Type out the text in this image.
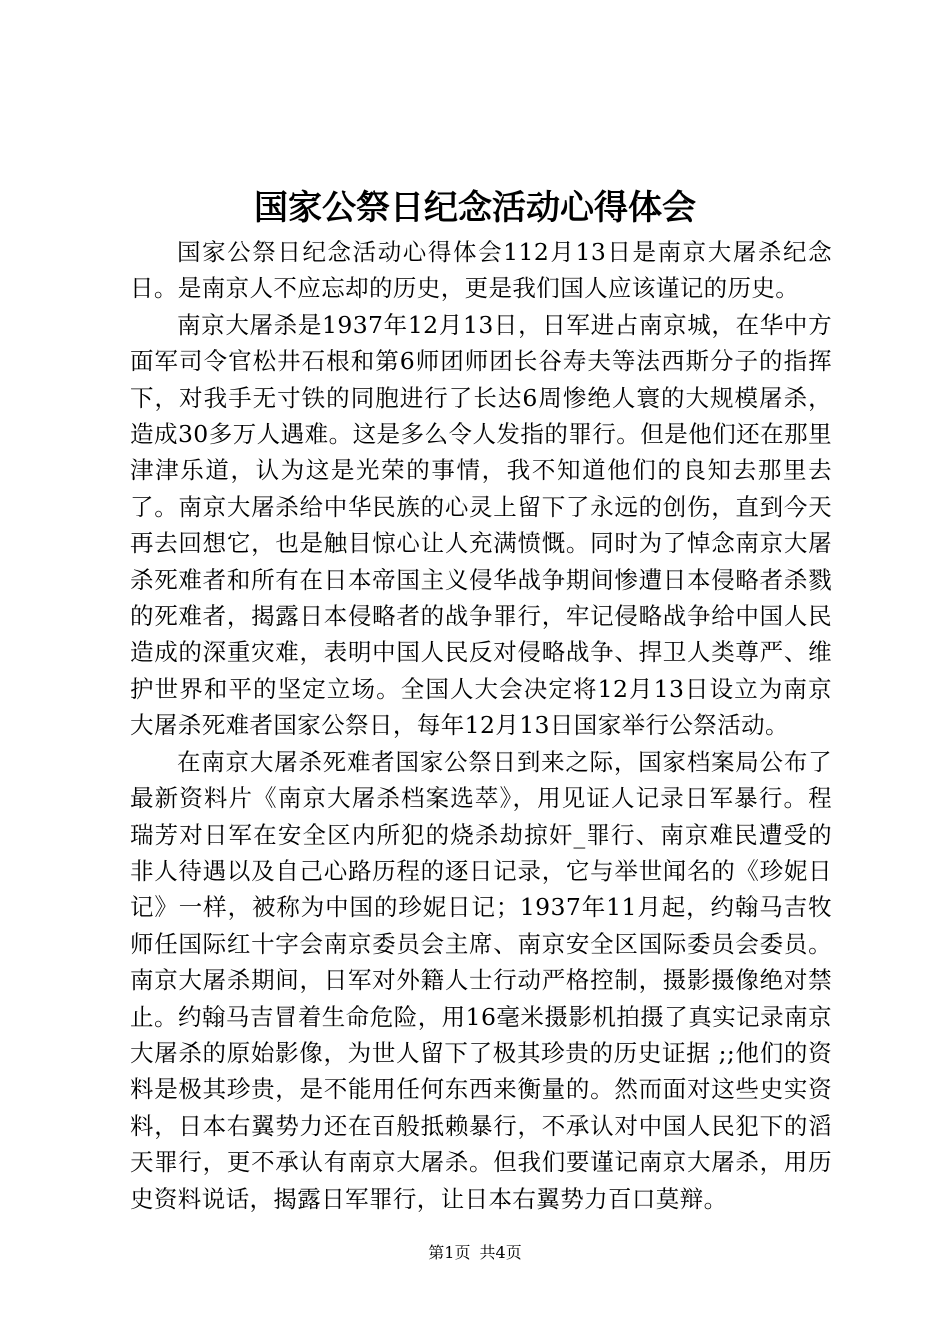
国家公祭日纪念活动心得体会

国家公祭日纪念活动心得体会112月13日是南京大屠杀纪念日。是南京人不应忘却的历史，更是我们国人应该谨记的历史。

南京大屠杀是1937年12月13日，日军进占南京城，在华中方面军司令官松井石根和第6师团师团长谷寿夫等法西斯分子的指挥下，对我手无寸铁的同胞进行了长达6周惨绝人寰的大规模屠杀，造成30多万人遇难。这是多么令人发指的罪行。但是他们还在那里津津乐道，认为这是光荣的事情，我不知道他们的良知去那里去了。南京大屠杀给中华民族的心灵上留下了永远的创伤，直到今天再去回想它，也是触目惊心让人充满愤慨。同时为了悼念南京大屠杀死难者和所有在日本帝国主义侵华战争期间惨遭日本侵略者杀戮的死难者，揭露日本侵略者的战争罪行，牢记侵略战争给中国人民造成的深重灾难，表明中国人民反对侵略战争、捍卫人类尊严、维护世界和平的坚定立场。全国人大会决定将12月13日设立为南京大屠杀死难者国家公祭日，每年12月13日国家举行公祭活动。

在南京大屠杀死难者国家公祭日到来之际，国家档案局公布了最新资料片《南京大屠杀档案选萃》，用见证人记录日军暴行。程瑞芳对日军在安全区内所犯的烧杀劫掠奸_罪行、南京难民遭受的非人待遇以及自己心路历程的逐日记录，它与举世闻名的《珍妮日记》一样，被称为中国的珍妮日记；1937年11月起，约翰马吉牧师任国际红十字会南京委员会主席、南京安全区国际委员会委员。南京大屠杀期间，日军对外籍人士行动严格控制，摄影摄像绝对禁止。约翰马吉冒着生命危险，用16毫米摄影机拍摄了真实记录南京大屠杀的原始影像，为世人留下了极其珍贵的历史证据 ;;他们的资料是极其珍贵，是不能用任何东西来衡量的。然而面对这些史实资料，日本右翼势力还在百般抵赖暴行，不承认对中国人民犯下的滔天罪行，更不承认有南京大屠杀。但我们要谨记南京大屠杀，用历史资料说话，揭露日军罪行，让日本右翼势力百口莫辩。

第1页 共4页
